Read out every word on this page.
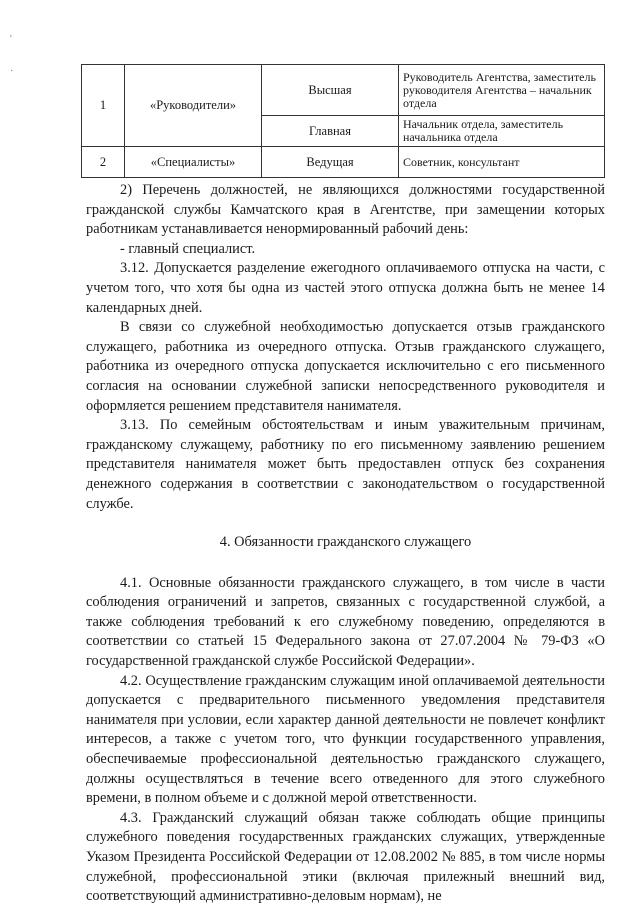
'
·
1	«Руководители»	Высшая	Руководитель Агентства, заместитель руководителя Агентства – начальник отдела
		Главная	Начальник отдела, заместитель начальника отдела
2	«Специалисты»	Ведущая	Советник, консультант

2) Перечень должностей, не являющихся должностями государственной гражданской службы Камчатского края в Агентстве, при замещении которых работникам устанавливается ненормированный рабочий день:

- главный специалист.

3.12. Допускается разделение ежегодного оплачиваемого отпуска на части, с учетом того, что хотя бы одна из частей этого отпуска должна быть не менее 14 календарных дней.

В связи со служебной необходимостью допускается отзыв гражданского служащего, работника из очередного отпуска. Отзыв гражданского служащего, работника из очередного отпуска допускается исключительно с его письменного согласия на основании служебной записки непосредственного руководителя и оформляется решением представителя нанимателя.

3.13. По семейным обстоятельствам и иным уважительным причинам, гражданскому служащему, работнику по его письменному заявлению решением представителя нанимателя может быть предоставлен отпуск без сохранения денежного содержания в соответствии с законодательством о государственной службе.

4. Обязанности гражданского служащего

4.1. Основные обязанности гражданского служащего, в том числе в части соблюдения ограничений и запретов, связанных с государственной службой, а также соблюдения требований к его служебному поведению, определяются в соответствии со статьей 15 Федерального закона от 27.07.2004 № 79-ФЗ «О государственной гражданской службе Российской Федерации».

4.2. Осуществление гражданским служащим иной оплачиваемой деятельности допускается с предварительного письменного уведомления представителя нанимателя при условии, если характер данной деятельности не повлечет конфликт интересов, а также с учетом того, что функции государственного управления, обеспечиваемые профессиональной деятельностью гражданского служащего, должны осуществляться в течение всего отведенного для этого служебного времени, в полном объеме и с должной мерой ответственности.

4.3. Гражданский служащий обязан также соблюдать общие принципы служебного поведения государственных гражданских служащих, утвержденные Указом Президента Российской Федерации от 12.08.2002 № 885, в том числе нормы служебной, профессиональной этики (включая прилежный внешний вид, соответствующий административно-деловым нормам), не
